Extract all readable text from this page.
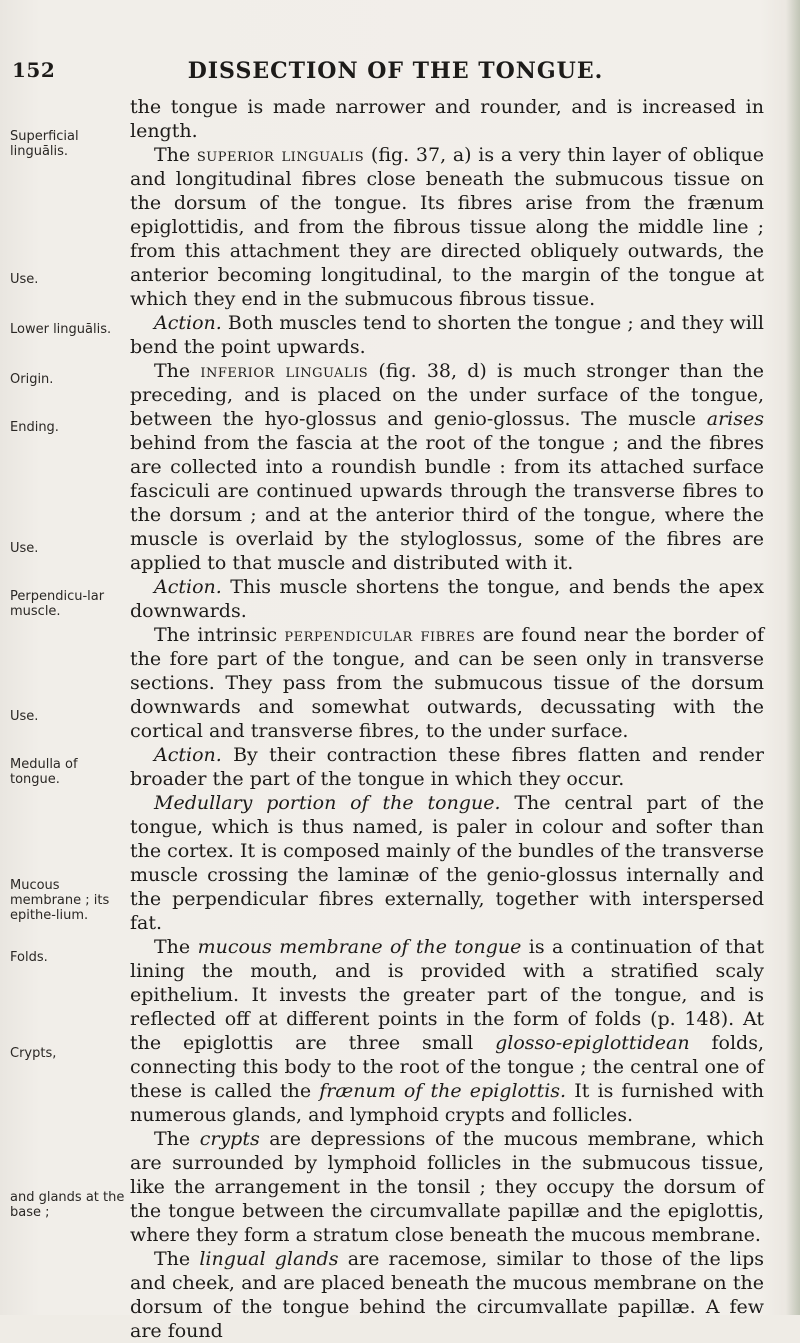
152	DISSECTION OF THE TONGUE.
Superficial linguālis.
Use.
Lower linguālis.
Origin.
Ending.
Use.
Perpendicu-lar muscle.
Use.
Medulla of tongue.
Mucous membrane ; its epithe-lium.
Folds.
Crypts,
and glands at the base ;

the tongue is made narrower and rounder, and is increased in length.

The superior lingualis (fig. 37, a) is a very thin layer of oblique and longitudinal fibres close beneath the submucous tissue on the dorsum of the tongue. Its fibres arise from the frænum epiglottidis, and from the fibrous tissue along the middle line ; from this attachment they are directed obliquely outwards, the anterior becoming longitudinal, to the margin of the tongue at which they end in the submucous fibrous tissue.

Action. Both muscles tend to shorten the tongue ; and they will bend the point upwards.

The inferior lingualis (fig. 38, d) is much stronger than the preceding, and is placed on the under surface of the tongue, between the hyo-glossus and genio-glossus. The muscle arises behind from the fascia at the root of the tongue ; and the fibres are collected into a roundish bundle : from its attached surface fasciculi are continued upwards through the transverse fibres to the dorsum ; and at the anterior third of the tongue, where the muscle is overlaid by the styloglossus, some of the fibres are applied to that muscle and distributed with it.

Action. This muscle shortens the tongue, and bends the apex downwards.

The intrinsic perpendicular fibres are found near the border of the fore part of the tongue, and can be seen only in transverse sections. They pass from the submucous tissue of the dorsum downwards and somewhat outwards, decussating with the cortical and transverse fibres, to the under surface.

Action. By their contraction these fibres flatten and render broader the part of the tongue in which they occur.

Medullary portion of the tongue. The central part of the tongue, which is thus named, is paler in colour and softer than the cortex. It is composed mainly of the bundles of the transverse muscle crossing the laminæ of the genio-glossus internally and the perpendicular fibres externally, together with interspersed fat.

The mucous membrane of the tongue is a continuation of that lining the mouth, and is provided with a stratified scaly epithelium. It invests the greater part of the tongue, and is reflected off at different points in the form of folds (p. 148). At the epiglottis are three small glosso-epiglottidean folds, connecting this body to the root of the tongue ; the central one of these is called the frænum of the epiglottis. It is furnished with numerous glands, and lymphoid crypts and follicles.

The crypts are depressions of the mucous membrane, which are surrounded by lymphoid follicles in the submucous tissue, like the arrangement in the tonsil ; they occupy the dorsum of the tongue between the circumvallate papillæ and the epiglottis, where they form a stratum close beneath the mucous membrane.

The lingual glands are racemose, similar to those of the lips and cheek, and are placed beneath the mucous membrane on the dorsum of the tongue behind the circumvallate papillæ. A few are found
